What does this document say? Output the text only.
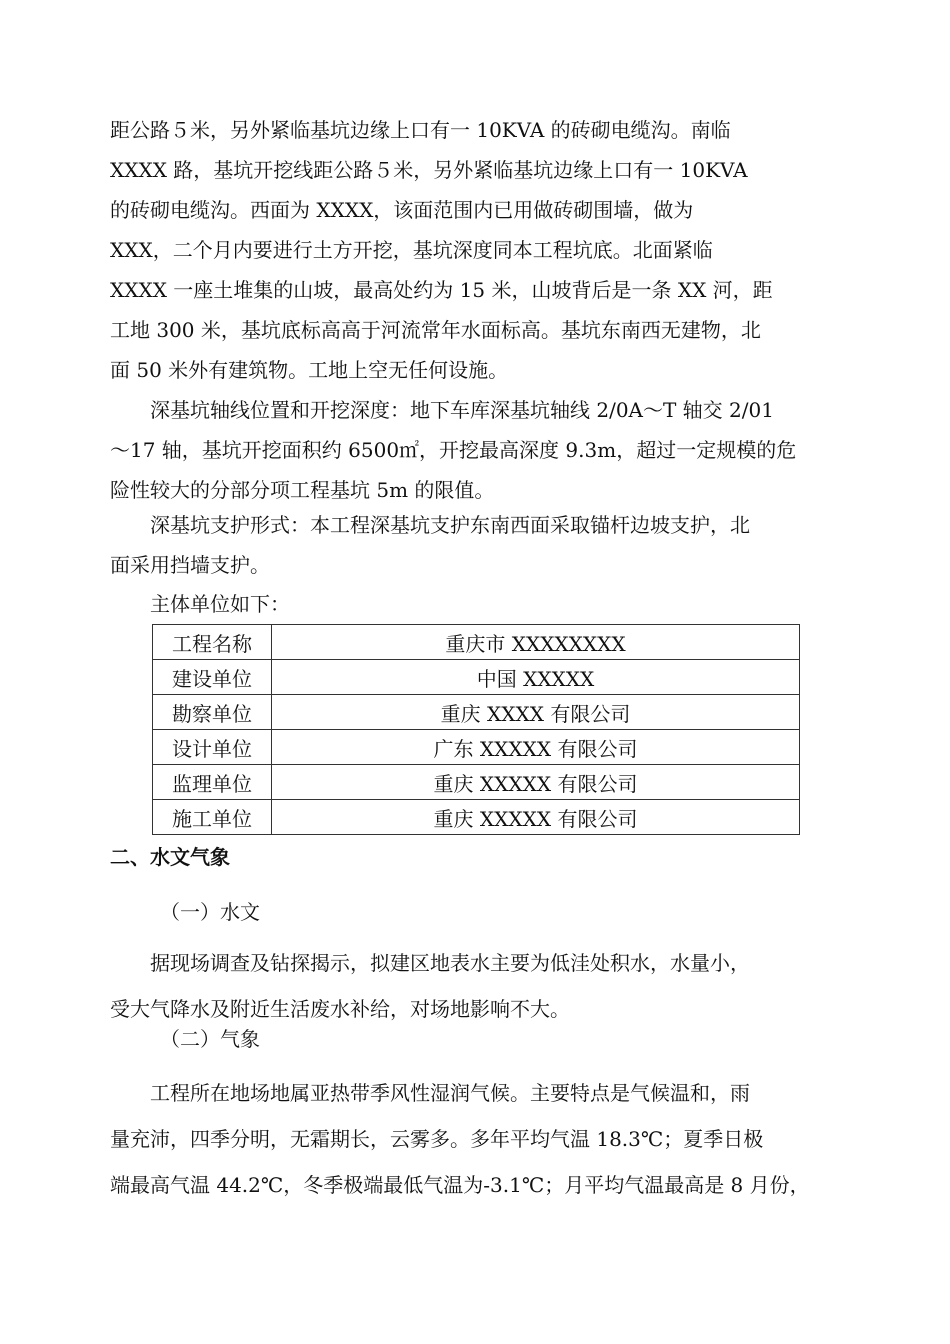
距公路５米，另外紧临基坑边缘上口有一 10KVA 的砖砌电缆沟。南临
XXXX 路，基坑开挖线距公路５米，另外紧临基坑边缘上口有一 10KVA
的砖砌电缆沟。西面为 XXXX，该面范围内已用做砖砌围墙，做为
XXX，二个月内要进行土方开挖，基坑深度同本工程坑底。北面紧临
XXXX 一座土堆集的山坡，最高处约为 15 米，山坡背后是一条 XX 河，距
工地 300 米，基坑底标高高于河流常年水面标高。基坑东南西无建物，北
面 50 米外有建筑物。工地上空无任何设施。
深基坑轴线位置和开挖深度：地下车库深基坑轴线 2/0A～T 轴交 2/01
～17 轴，基坑开挖面积约 6500㎡，开挖最高深度 9.3m，超过一定规模的危
险性较大的分部分项工程基坑 5m 的限值。
深基坑支护形式：本工程深基坑支护东南西面采取锚杆边坡支护，北
面采用挡墙支护。
主体单位如下：
工程名称	重庆市 XXXXXXXX
建设单位	中国 XXXXX
勘察单位	重庆 XXXX 有限公司
设计单位	广东 XXXXX 有限公司
监理单位	重庆 XXXXX 有限公司
施工单位	重庆 XXXXX 有限公司

二、水文气象

（一）水文

据现场调查及钻探揭示，拟建区地表水主要为低洼处积水，水量小，
受大气降水及附近生活废水补给，对场地影响不大。

（二）气象

工程所在地场地属亚热带季风性湿润气候。主要特点是气候温和，雨
量充沛，四季分明，无霜期长，云雾多。多年平均气温 18.3℃；夏季日极
端最高气温 44.2℃，冬季极端最低气温为-3.1℃；月平均气温最高是 8 月份，
